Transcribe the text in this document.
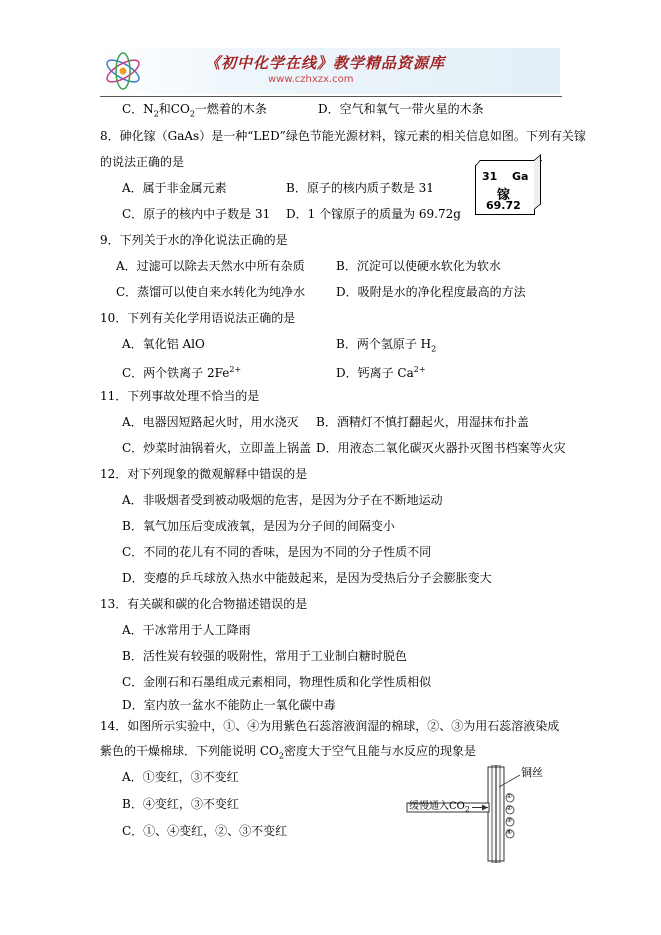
《初中化学在线》教学精品资源库
www.czhxzx.com
C．$N_2$和$CO_2$一燃着的木条	D．空气和氧气一带火星的木条
8．砷化镓（GaAs）是一种“LED”绿色节能光源材料，镓元素的相关信息如图。下列有关镓
的说法正确的是
A．属于非金属元素	B．原子的核内质子数是 31
C．原子的核内中子数是 31 D．1 个镓原子的质量为 69.72g
31 Ga
镓
69.72
9．下列关于水的净化说法正确的是
A．过滤可以除去天然水中所有杂质	B．沉淀可以使硬水软化为软水
C．蒸馏可以使自来水转化为纯净水	D．吸附是水的净化程度最高的方法
10．下列有关化学用语说法正确的是
A．氧化铝 AlO	B．两个氢原子 $H_2$
C．两个铁离子 $2Fe^{2+}$	D．钙离子 $Ca^{2+}$
11．下列事故处理不恰当的是
A．电器因短路起火时，用水浇灭 B．酒精灯不慎打翻起火，用湿抹布扑盖
C．炒菜时油锅着火，立即盖上锅盖 D．用液态二氧化碳灭火器扑灭图书档案等火灾
12．对下列现象的微观解释中错误的是
A．非吸烟者受到被动吸烟的危害，是因为分子在不断地运动
B．氧气加压后变成液氧，是因为分子间的间隔变小
C．不同的花儿有不同的香味，是因为不同的分子性质不同
D．变瘪的乒乓球放入热水中能鼓起来，是因为受热后分子会膨胀变大
13．有关碳和碳的化合物描述错误的是
A．干冰常用于人工降雨
B．活性炭有较强的吸附性，常用于工业制白糖时脱色
C．金刚石和石墨组成元素相同，物理性质和化学性质相似
D．室内放一盆水不能防止一氧化碳中毒
14．如图所示实验中，①、④为用紫色石蕊溶液润湿的棉球，②、③为用石蕊溶液染成
紫色的干燥棉球．下列能说明 $CO_2$密度大于空气且能与水反应的现象是
A．①变红，③不变红
B．④变红，③不变红
C．①、④变红，②、③不变红
缓慢通入$CO_2$
铜丝
①
②
③
④
